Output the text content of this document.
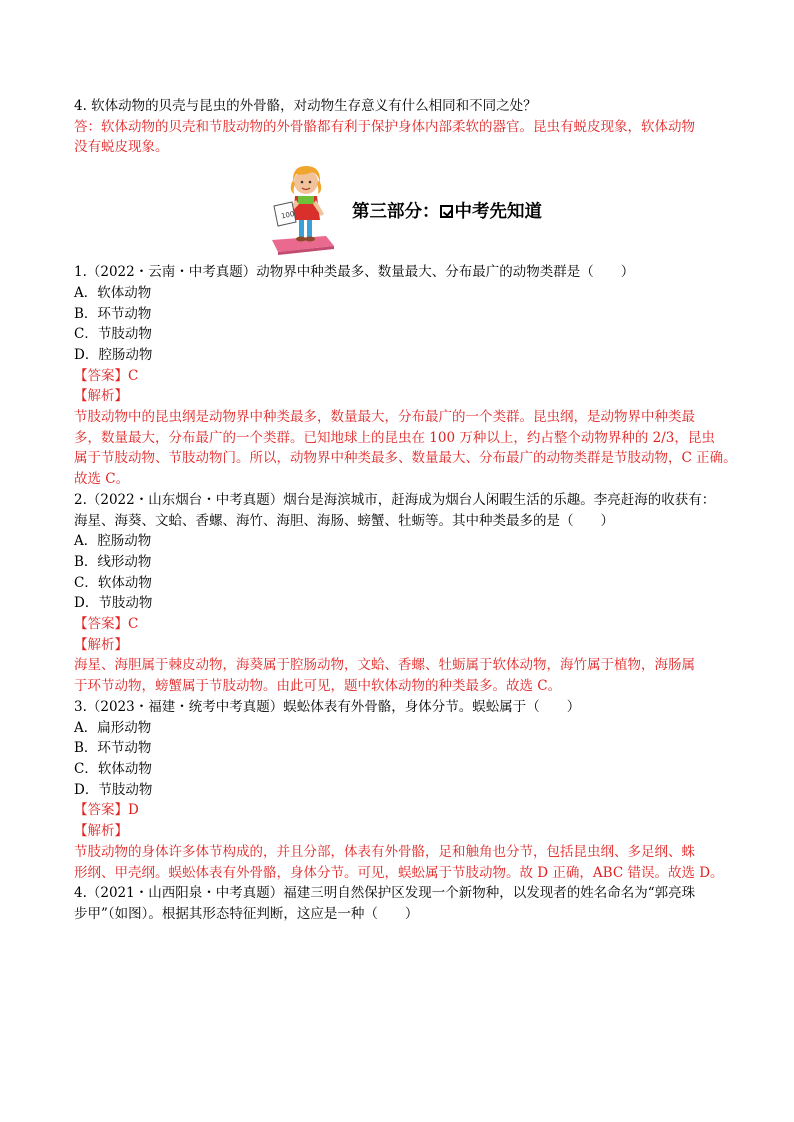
4. 软体动物的贝壳与昆虫的外骨骼，对动物生存意义有什么相同和不同之处？
答：软体动物的贝壳和节肢动物的外骨骼都有利于保护身体内部柔软的器官。昆虫有蜕皮现象，软体动物
没有蜕皮现象。
100	第三部分： 中考先知道
1.（2022・云南・中考真题）动物界中种类最多、数量最大、分布最广的动物类群是（　　）
A．软体动物
B．环节动物
C．节肢动物
D．腔肠动物
【答案】C
【解析】
节肢动物中的昆虫纲是动物界中种类最多，数量最大，分布最广的一个类群。昆虫纲，是动物界中种类最
多，数量最大，分布最广的一个类群。已知地球上的昆虫在 100 万种以上，约占整个动物界种的 2/3，昆虫
属于节肢动物、节肢动物门。所以，动物界中种类最多、数量最大、分布最广的动物类群是节肢动物，C 正确。
故选 C。
2.（2022・山东烟台・中考真题）烟台是海滨城市，赶海成为烟台人闲暇生活的乐趣。李亮赶海的收获有：
海星、海葵、文蛤、香螺、海竹、海胆、海肠、螃蟹、牡蛎等。其中种类最多的是（　　）
A．腔肠动物
B．线形动物
C．软体动物
D．节肢动物
【答案】C
【解析】
海星、海胆属于棘皮动物，海葵属于腔肠动物，文蛤、香螺、牡蛎属于软体动物，海竹属于植物，海肠属
于环节动物，螃蟹属于节肢动物。由此可见，题中软体动物的种类最多。故选 C。
3.（2023・福建・统考中考真题）蜈蚣体表有外骨骼，身体分节。蜈蚣属于（　　）
A．扁形动物
B．环节动物
C．软体动物
D．节肢动物
【答案】D
【解析】
节肢动物的身体许多体节构成的，并且分部，体表有外骨骼，足和触角也分节，包括昆虫纲、多足纲、蛛
形纲、甲壳纲。蜈蚣体表有外骨骼，身体分节。可见，蜈蚣属于节肢动物。故 D 正确，ABC 错误。故选 D。
4.（2021・山西阳泉・中考真题）福建三明自然保护区发现一个新物种，以发现者的姓名命名为“郭亮珠
步甲”（如图）。根据其形态特征判断，这应是一种（　　）
